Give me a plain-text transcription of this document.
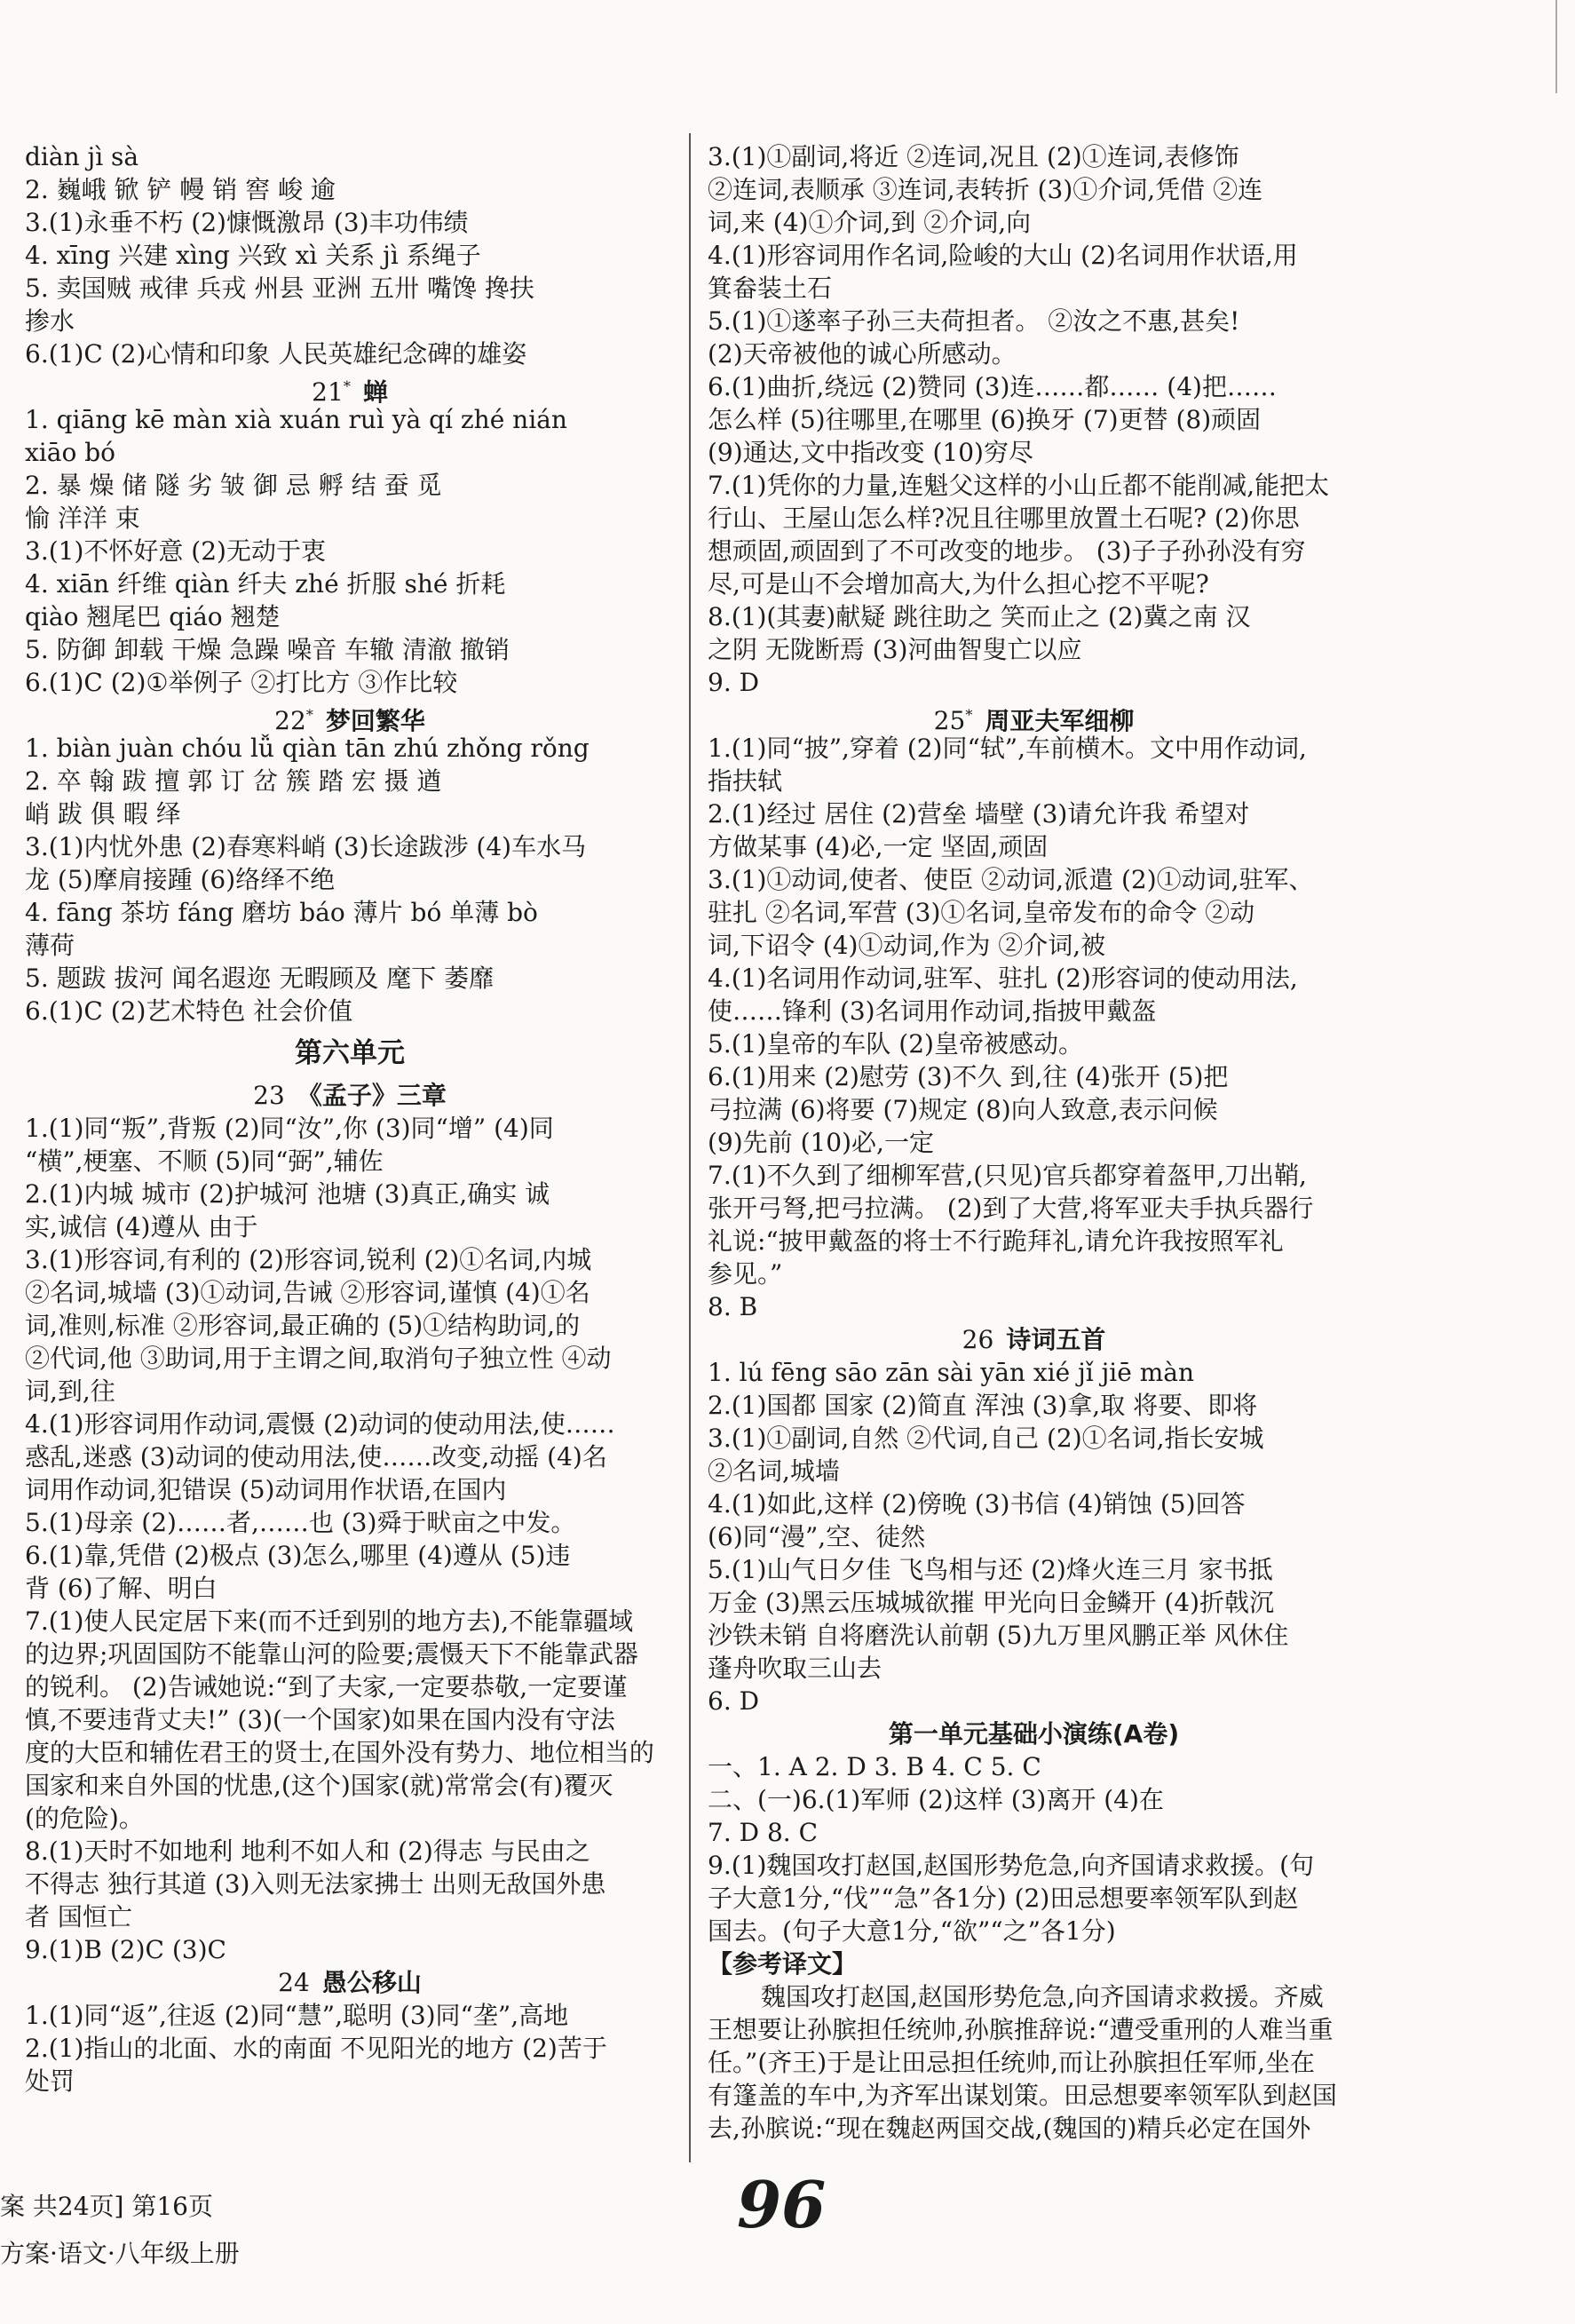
diàn jì sà
2. 巍峨 锨 铲 幔 销 窖 峻 逾
3.(1)永垂不朽 (2)慷慨激昂 (3)丰功伟绩
4. xīng 兴建 xìng 兴致 xì 关系 jì 系绳子
5. 卖国贼 戒律 兵戎 州县 亚洲 五卅 嘴馋 搀扶
掺水
6.(1)C (2)心情和印象 人民英雄纪念碑的雄姿
21* 蝉
1. qiāng kē màn xià xuán ruì yà qí zhé nián
xiāo bó
2. 暴 燥 储 隧 劣 皱 御 忌 孵 结 蚕 觅
愉 洋洋 束
3.(1)不怀好意 (2)无动于衷
4. xiān 纤维 qiàn 纤夫 zhé 折服 shé 折耗
qiào 翘尾巴 qiáo 翘楚
5. 防御 卸载 干燥 急躁 噪音 车辙 清澈 撤销
6.(1)C (2)①举例子 ②打比方 ③作比较
22* 梦回繁华
1. biàn juàn chóu lǚ qiàn tān zhú zhǒng rǒng
2. 卒 翰 跋 擅 郭 订 岔 簇 踏 宏 摄 遒
峭 跋 俱 暇 绎
3.(1)内忧外患 (2)春寒料峭 (3)长途跋涉 (4)车水马
龙 (5)摩肩接踵 (6)络绎不绝
4. fāng 茶坊 fáng 磨坊 báo 薄片 bó 单薄 bò
薄荷
5. 题跋 拔河 闻名遐迩 无暇顾及 麾下 萎靡
6.(1)C (2)艺术特色 社会价值
第六单元
23 《孟子》三章
1.(1)同“叛”,背叛 (2)同“汝”,你 (3)同“增” (4)同
“横”,梗塞、不顺 (5)同“弼”,辅佐
2.(1)内城 城市 (2)护城河 池塘 (3)真正,确实 诚
实,诚信 (4)遵从 由于
3.(1)形容词,有利的 (2)形容词,锐利 (2)①名词,内城
②名词,城墙 (3)①动词,告诫 ②形容词,谨慎 (4)①名
词,准则,标准 ②形容词,最正确的 (5)①结构助词,的
②代词,他 ③助词,用于主谓之间,取消句子独立性 ④动
词,到,往
4.(1)形容词用作动词,震慑 (2)动词的使动用法,使……
惑乱,迷惑 (3)动词的使动用法,使……改变,动摇 (4)名
词用作动词,犯错误 (5)动词用作状语,在国内
5.(1)母亲 (2)……者,……也 (3)舜于畎亩之中发。
6.(1)靠,凭借 (2)极点 (3)怎么,哪里 (4)遵从 (5)违
背 (6)了解、明白
7.(1)使人民定居下来(而不迁到别的地方去),不能靠疆域
的边界;巩固国防不能靠山河的险要;震慑天下不能靠武器
的锐利。 (2)告诫她说:“到了夫家,一定要恭敬,一定要谨
慎,不要违背丈夫!” (3)(一个国家)如果在国内没有守法
度的大臣和辅佐君王的贤士,在国外没有势力、地位相当的
国家和来自外国的忧患,(这个)国家(就)常常会(有)覆灭
(的危险)。
8.(1)天时不如地利 地利不如人和 (2)得志 与民由之
不得志 独行其道 (3)入则无法家拂士 出则无敌国外患
者 国恒亡
9.(1)B (2)C (3)C
24 愚公移山
1.(1)同“返”,往返 (2)同“慧”,聪明 (3)同“垄”,高地
2.(1)指山的北面、水的南面 不见阳光的地方 (2)苦于
处罚
3.(1)①副词,将近 ②连词,况且 (2)①连词,表修饰
②连词,表顺承 ③连词,表转折 (3)①介词,凭借 ②连
词,来 (4)①介词,到 ②介词,向
4.(1)形容词用作名词,险峻的大山 (2)名词用作状语,用
箕畚装土石
5.(1)①遂率子孙三夫荷担者。 ②汝之不惠,甚矣!
(2)天帝被他的诚心所感动。
6.(1)曲折,绕远 (2)赞同 (3)连……都…… (4)把……
怎么样 (5)往哪里,在哪里 (6)换牙 (7)更替 (8)顽固
(9)通达,文中指改变 (10)穷尽
7.(1)凭你的力量,连魁父这样的小山丘都不能削减,能把太
行山、王屋山怎么样?况且往哪里放置土石呢? (2)你思
想顽固,顽固到了不可改变的地步。 (3)子子孙孙没有穷
尽,可是山不会增加高大,为什么担心挖不平呢?
8.(1)(其妻)献疑 跳往助之 笑而止之 (2)冀之南 汉
之阴 无陇断焉 (3)河曲智叟亡以应
9. D
25* 周亚夫军细柳
1.(1)同“披”,穿着 (2)同“轼”,车前横木。文中用作动词,
指扶轼
2.(1)经过 居住 (2)营垒 墙壁 (3)请允许我 希望对
方做某事 (4)必,一定 坚固,顽固
3.(1)①动词,使者、使臣 ②动词,派遣 (2)①动词,驻军、
驻扎 ②名词,军营 (3)①名词,皇帝发布的命令 ②动
词,下诏令 (4)①动词,作为 ②介词,被
4.(1)名词用作动词,驻军、驻扎 (2)形容词的使动用法,
使……锋利 (3)名词用作动词,指披甲戴盔
5.(1)皇帝的车队 (2)皇帝被感动。
6.(1)用来 (2)慰劳 (3)不久 到,往 (4)张开 (5)把
弓拉满 (6)将要 (7)规定 (8)向人致意,表示问候
(9)先前 (10)必,一定
7.(1)不久到了细柳军营,(只见)官兵都穿着盔甲,刀出鞘,
张开弓弩,把弓拉满。 (2)到了大营,将军亚夫手执兵器行
礼说:“披甲戴盔的将士不行跪拜礼,请允许我按照军礼
参见。”
8. B
26 诗词五首
1. lú fēng sāo zān sài yān xié jǐ jiē màn
2.(1)国都 国家 (2)简直 浑浊 (3)拿,取 将要、即将
3.(1)①副词,自然 ②代词,自己 (2)①名词,指长安城
②名词,城墙
4.(1)如此,这样 (2)傍晚 (3)书信 (4)销蚀 (5)回答
(6)同“漫”,空、徒然
5.(1)山气日夕佳 飞鸟相与还 (2)烽火连三月 家书抵
万金 (3)黑云压城城欲摧 甲光向日金鳞开 (4)折戟沉
沙铁未销 自将磨洗认前朝 (5)九万里风鹏正举 风休住
蓬舟吹取三山去
6. D
第一单元基础小演练(A卷)
一、1. A 2. D 3. B 4. C 5. C
二、(一)6.(1)军师 (2)这样 (3)离开 (4)在
7. D 8. C
9.(1)魏国攻打赵国,赵国形势危急,向齐国请求救援。(句
子大意1分,“伐”“急”各1分) (2)田忌想要率领军队到赵
国去。(句子大意1分,“欲”“之”各1分)
【参考译文】
魏国攻打赵国,赵国形势危急,向齐国请求救援。齐威
王想要让孙膑担任统帅,孙膑推辞说:“遭受重刑的人难当重
任。”(齐王)于是让田忌担任统帅,而让孙膑担任军师,坐在
有篷盖的车中,为齐军出谋划策。田忌想要率领军队到赵国
去,孙膑说:“现在魏赵两国交战,(魏国的)精兵必定在国外
案 共24页] 第16页
方案·语文·八年级上册
96
